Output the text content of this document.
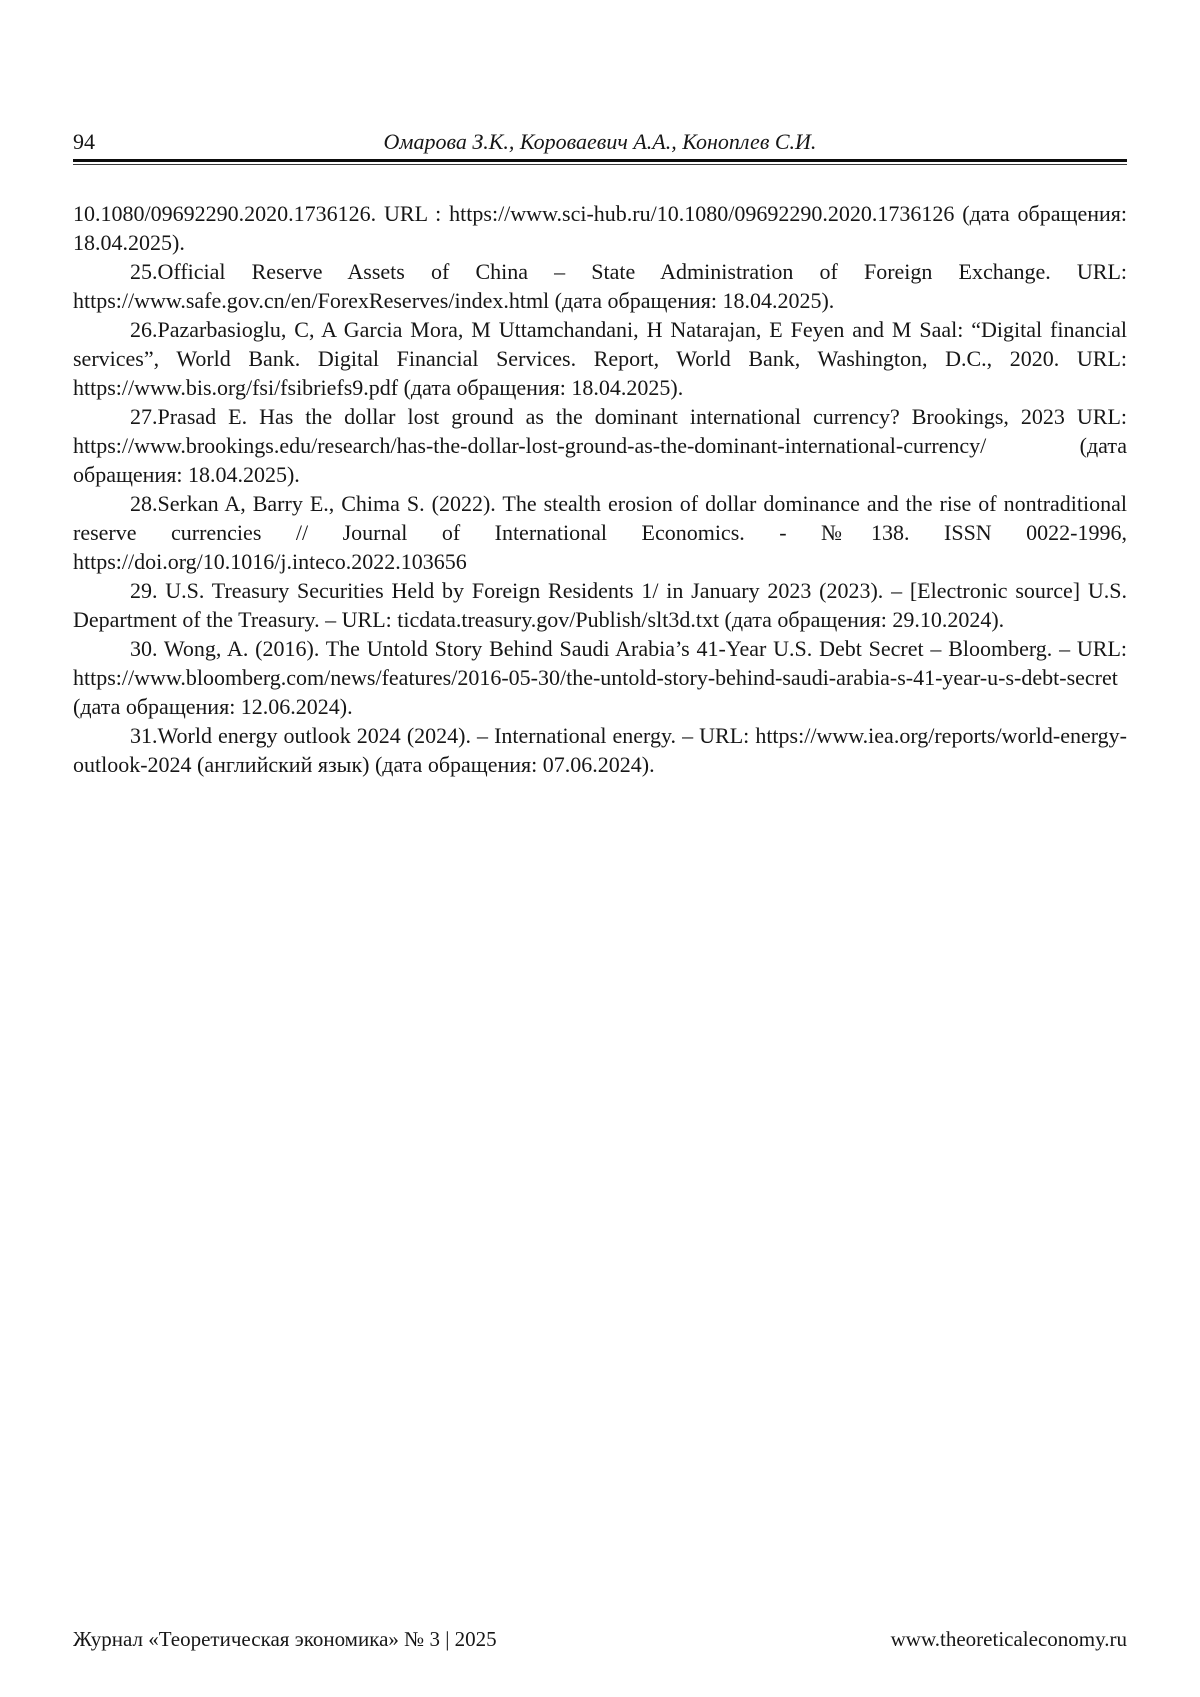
94	Омарова З.К., Короваевич А.А., Коноплев С.И.

10.1080/09692290.2020.1736126. URL : https://www.sci-hub.ru/10.1080/09692290.2020.1736126 (дата обращения: 18.04.2025).

25.Official Reserve Assets of China – State Administration of Foreign Exchange. URL: https://www.safe.gov.cn/en/ForexReserves/index.html (дата обращения: 18.04.2025).

26.Pazarbasioglu, C, A Garcia Mora, M Uttamchandani, H Natarajan, E Feyen and M Saal: “Digital financial services”, World Bank. Digital Financial Services. Report, World Bank, Washington, D.C., 2020. URL: https://www.bis.org/fsi/fsibriefs9.pdf (дата обращения: 18.04.2025).

27.Prasad E. Has the dollar lost ground as the dominant international currency? Brookings, 2023 URL: https://www.brookings.edu/research/has-the-dollar-lost-ground-as-the-dominant-international-currency/ (дата обращения: 18.04.2025).

28.Serkan A, Barry E., Chima S. (2022). The stealth erosion of dollar dominance and the rise of nontraditional reserve currencies // Journal of International Economics. - №138. ISSN 0022-1996, https://doi.org/10.1016/j.inteco.2022.103656

29. U.S. Treasury Securities Held by Foreign Residents 1/ in January 2023 (2023). – [Electronic source] U.S. Department of the Treasury. – URL: ticdata.treasury.gov/Publish/slt3d.txt (дата обращения: 29.10.2024).

30. Wong, A. (2016). The Untold Story Behind Saudi Arabia’s 41-Year U.S. Debt Secret – Bloomberg. – URL: https://www.bloomberg.com/news/features/2016-05-30/the-untold-story-behind-saudi-arabia-s-41-year-u-s-debt-secret (дата обращения: 12.06.2024).

31.World energy outlook 2024 (2024). – International energy. – URL: https://www.iea.org/reports/world-energy-outlook-2024 (английский язык) (дата обращения: 07.06.2024).

Журнал «Теоретическая экономика» № 3 | 2025	www.theoreticaleconomy.ru
